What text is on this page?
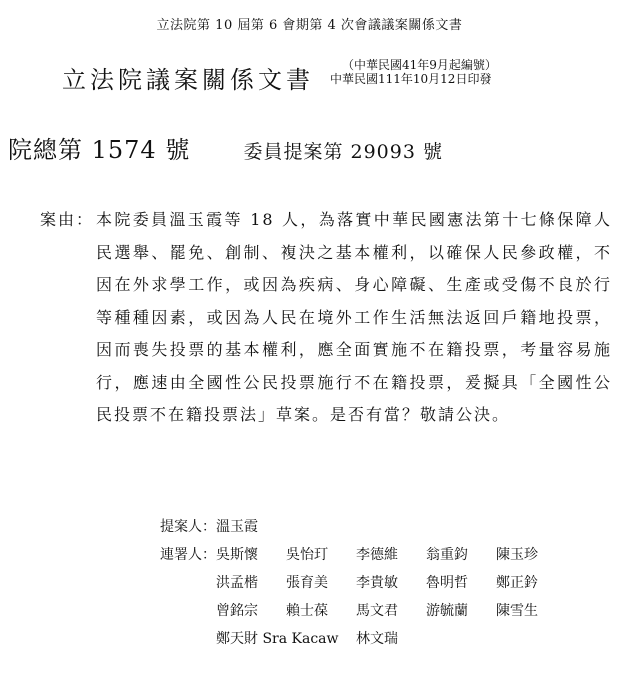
立法院第 10 屆第 6 會期第 4 次會議議案關係文書
立法院議案關係文書
（中華民國41年9月起編號）
中華民國111年10月12日印發
院總第 1574 號	委員提案第 29093 號
案由： 本院委員溫玉霞等 18 人，為落實中華民國憲法第十七條保障人民選舉、罷免、創制、複決之基本權利，以確保人民參政權，不因在外求學工作，或因為疾病、身心障礙、生產或受傷不良於行等種種因素，或因為人民在境外工作生活無法返回戶籍地投票，因而喪失投票的基本權利，應全面實施不在籍投票，考量容易施行，應速由全國性公民投票施行不在籍投票，爰擬具「全國性公民投票不在籍投票法」草案。是否有當？敬請公決。
提案人： 溫玉霞
連署人： 吳斯懷	吳怡玎	李德維	翁重鈞	陳玉珍
洪孟楷	張育美	李貴敏	魯明哲	鄭正鈐
曾銘宗	賴士葆	馬文君	游毓蘭	陳雪生
鄭天財 Sra Kacaw	林文瑞
